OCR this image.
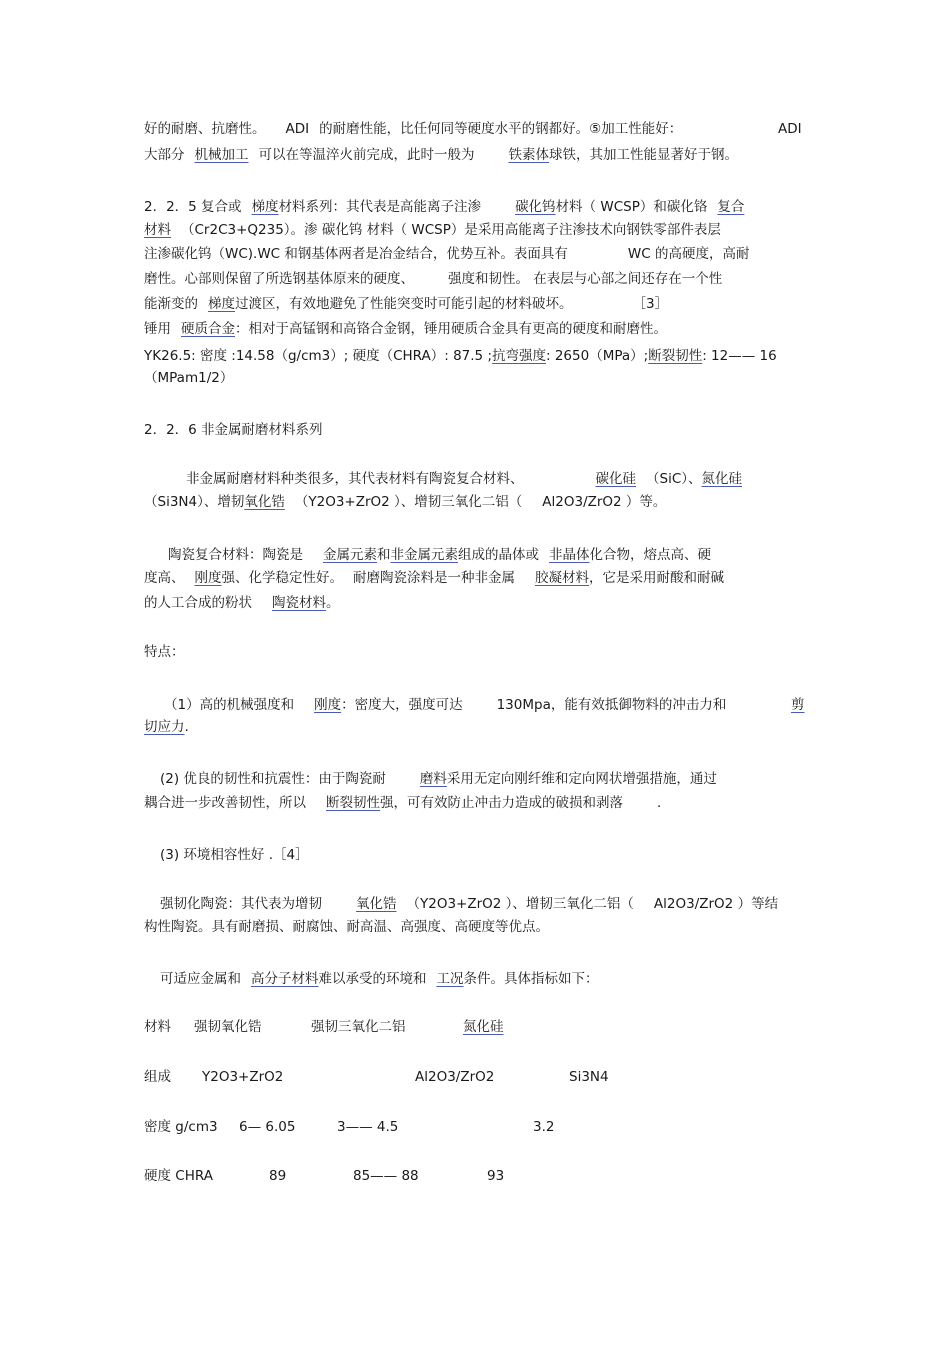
好的耐磨、抗磨性。 ADI 的耐磨性能，比任何同等硬度水平的钢都好。⑤加工性能好：	ADI
大部分 机械加工 可以在等温淬火前完成，此时一般为	铁素体球铁，其加工性能显著好于钢。
2．2．5 复合或 梯度材料系列：其代表是高能离子注渗	碳化钨材料（ WCSP）和碳化铬 复合
材料 （Cr2C3+Q235）。渗 碳化钨 材料（ WCSP）是采用高能离子注渗技术向钢铁零部件表层
注渗碳化钨（WC).WC 和钢基体两者是冶金结合，优势互补。表面具有	WC 的高硬度，高耐
磨性。心部则保留了所选钢基体原来的硬度、	强度和韧性。 在表层与心部之间还存在一个性
能渐变的 梯度过渡区，有效地避免了性能突变时可能引起的材料破坏。	［3］
锤用 硬质合金：相对于高锰钢和高铬合金钢，锤用硬质合金具有更高的硬度和耐磨性。
YK26.5: 密度 :14.58（g/cm3）; 硬度（CHRA）: 87.5 ;抗弯强度: 2650（MPa）;断裂韧性: 12—— 16
（MPam1/2）
2．2．6 非金属耐磨材料系列
非金属耐磨材料种类很多，其代表材料有陶瓷复合材料、	碳化硅 （SiC）、氮化硅
（Si3N4）、增韧氧化锆 （Y2O3+ZrO2 ）、增韧三氧化二铝（ Al2O3/ZrO2 ）等。
陶瓷复合材料：陶瓷是 金属元素和非金属元素组成的晶体或 非晶体化合物，熔点高、硬
度高、 刚度强、化学稳定性好。 耐磨陶瓷涂料是一种非金属 胶凝材料，它是采用耐酸和耐碱
的人工合成的粉状 陶瓷材料。
特点：
（1）高的机械强度和 刚度：密度大，强度可达	130Mpa，能有效抵御物料的冲击力和	剪
切应力.
(2) 优良的韧性和抗震性：由于陶瓷耐	磨料采用无定向刚纤维和定向网状增强措施，通过
耦合进一步改善韧性，所以 断裂韧性强，可有效防止冲击力造成的破损和剥落	.
(3) 环境相容性好 .［4］
强韧化陶瓷：其代表为增韧	氧化锆 （Y2O3+ZrO2 ）、增韧三氧化二铝（ Al2O3/ZrO2 ）等结
构性陶瓷。具有耐磨损、耐腐蚀、耐高温、高强度、高硬度等优点。
可适应金属和 高分子材料难以承受的环境和 工况条件。具体指标如下：
材料 强韧氧化锆	强韧三氧化二铝	氮化硅
组成 Y2O3+ZrO2	Al2O3/ZrO2	Si3N4
密度 g/cm3 6— 6.05	3—— 4.5	3.2
硬度 CHRA	89	85—— 88	93
